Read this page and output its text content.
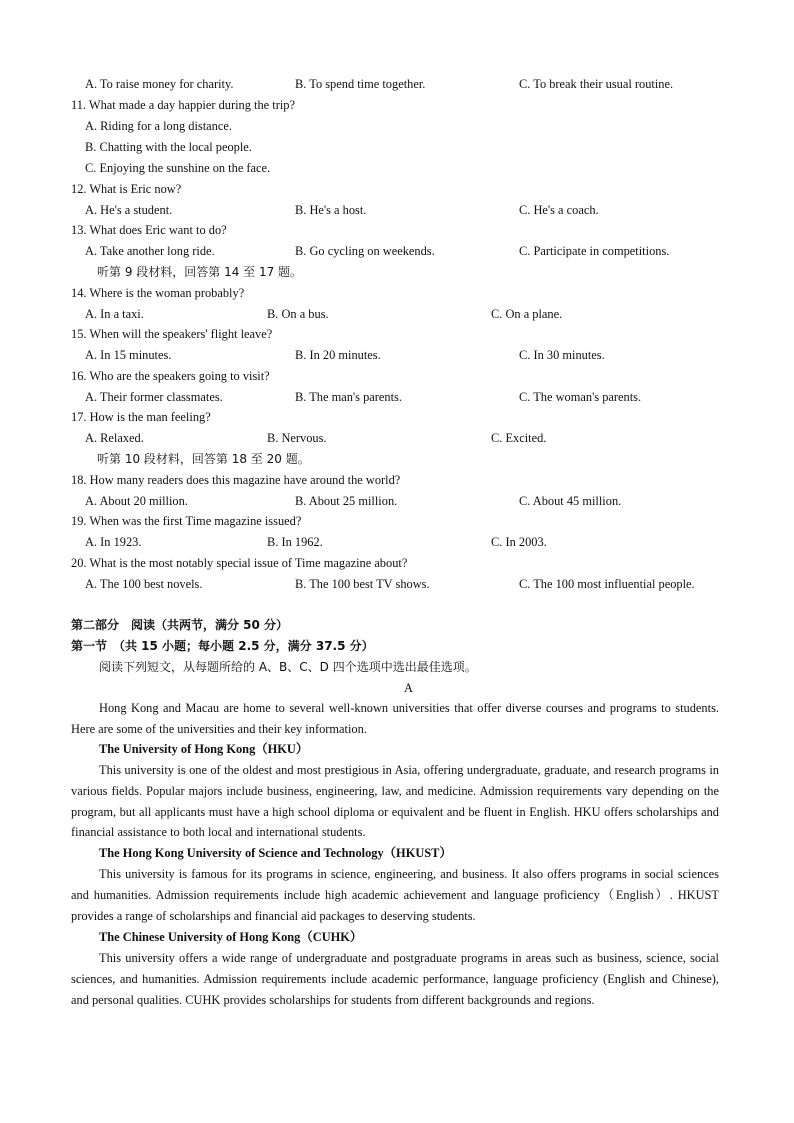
A. To raise money for charity.	B. To spend time together.	C. To break their usual routine.
11. What made a day happier during the trip?
A. Riding for a long distance.
B. Chatting with the local people.
C. Enjoying the sunshine on the face.
12. What is Eric now?
A. He's a student.	B. He's a host.	C. He's a coach.
13. What does Eric want to do?
A. Take another long ride.	B. Go cycling on weekends.	C. Participate in competitions.
听第 9 段材料，回答第 14 至 17 题。
14. Where is the woman probably?
A. In a taxi.	B. On a bus.	C. On a plane.
15. When will the speakers' flight leave?
A. In 15 minutes.	B. In 20 minutes.	C. In 30 minutes.
16. Who are the speakers going to visit?
A. Their former classmates.	B. The man's parents.	C. The woman's parents.
17. How is the man feeling?
A. Relaxed.	B. Nervous.	C. Excited.
听第 10 段材料，回答第 18 至 20 题。
18. How many readers does this magazine have around the world?
A. About 20 million.	B. About 25 million.	C. About 45 million.
19. When was the first Time magazine issued?
A. In 1923.	B. In 1962.	C. In 2003.
20. What is the most notably special issue of Time magazine about?
A. The 100 best novels.	B. The 100 best TV shows.	C. The 100 most influential people.
第二部分　阅读（共两节，满分 50 分）
第一节　（共 15 小题；每小题 2.5 分，满分 37.5 分）
阅读下列短文，从每题所给的 A、B、C、D 四个选项中选出最佳选项。
A
Hong Kong and Macau are home to several well-known universities that offer diverse courses and programs to students. Here are some of the universities and their key information.
The University of Hong Kong（HKU）
This university is one of the oldest and most prestigious in Asia, offering undergraduate, graduate, and research programs in various fields. Popular majors include business, engineering, law, and medicine. Admission requirements vary depending on the program, but all applicants must have a high school diploma or equivalent and be fluent in English. HKU offers scholarships and financial assistance to both local and international students.
The Hong Kong University of Science and Technology（HKUST）
This university is famous for its programs in science, engineering, and business. It also offers programs in social sciences and humanities. Admission requirements include high academic achievement and language proficiency（English）. HKUST provides a range of scholarships and financial aid packages to deserving students.
The Chinese University of Hong Kong（CUHK）
This university offers a wide range of undergraduate and postgraduate programs in areas such as business, science, social sciences, and humanities. Admission requirements include academic performance, language proficiency (English and Chinese), and personal qualities. CUHK provides scholarships for students from different backgrounds and regions.
